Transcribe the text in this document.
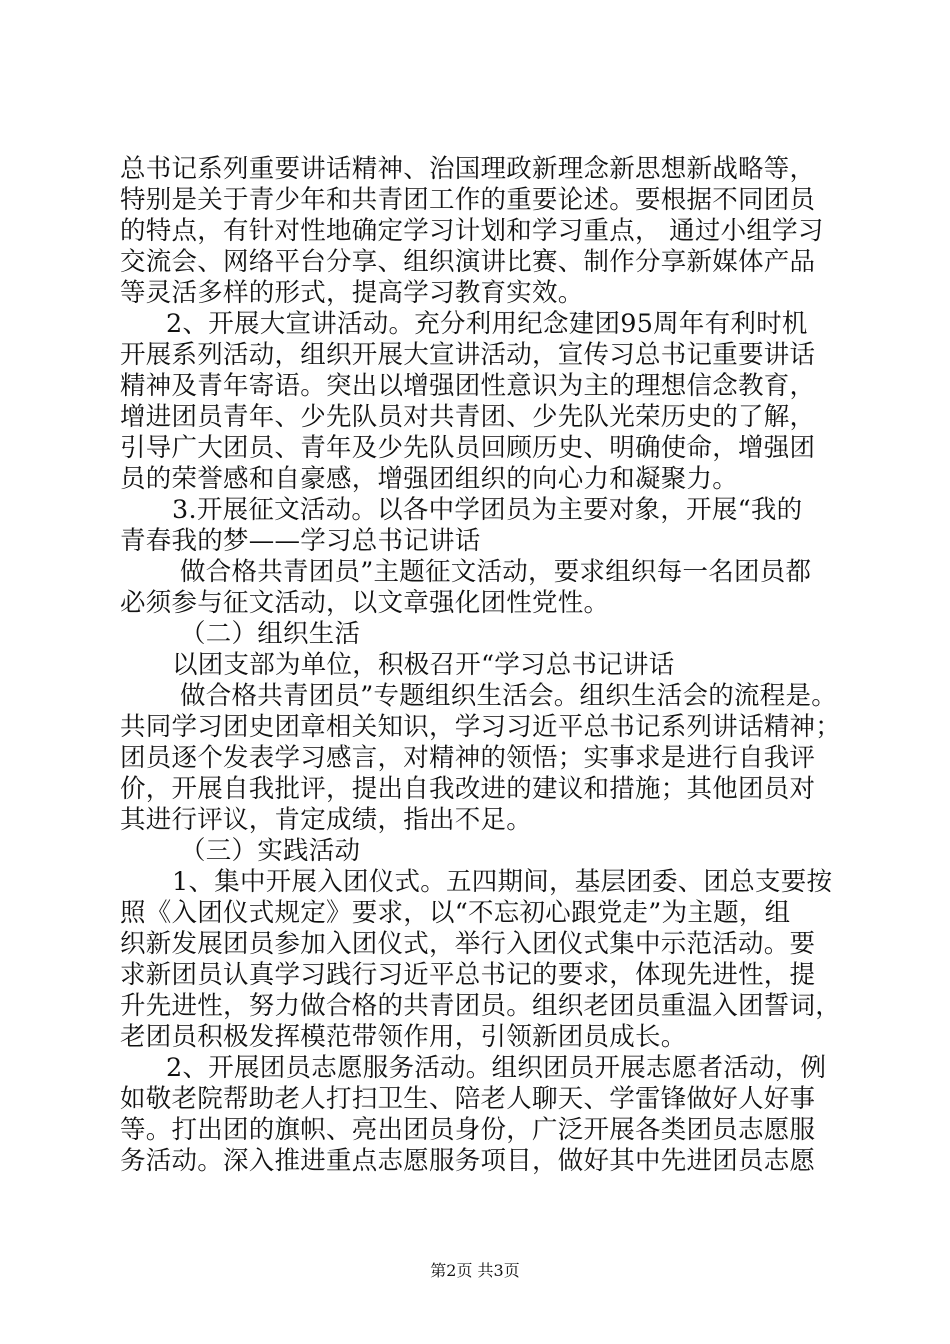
总书记系列重要讲话精神、治国理政新理念新思想新战略等，
特别是关于青少年和共青团工作的重要论述。要根据不同团员
的特点，有针对性地确定学习计划和学习重点， 通过小组学习
交流会、网络平台分享、组织演讲比赛、制作分享新媒体产品
等灵活多样的形式，提高学习教育实效。
2、开展大宣讲活动。充分利用纪念建团95周年有利时机
开展系列活动，组织开展大宣讲活动，宣传习总书记重要讲话
精神及青年寄语。突出以增强团性意识为主的理想信念教育，
增进团员青年、少先队员对共青团、少先队光荣历史的了解，
引导广大团员、青年及少先队员回顾历史、明确使命，增强团
员的荣誉感和自豪感，增强团组织的向心力和凝聚力。
3.开展征文活动。以各中学团员为主要对象，开展“我的
青春我的梦——学习总书记讲话
做合格共青团员”主题征文活动，要求组织每一名团员都
必须参与征文活动，以文章强化团性党性。
（二）组织生活
以团支部为单位，积极召开“学习总书记讲话
做合格共青团员”专题组织生活会。组织生活会的流程是。
共同学习团史团章相关知识，学习习近平总书记系列讲话精神；
团员逐个发表学习感言，对精神的领悟；实事求是进行自我评
价，开展自我批评，提出自我改进的建议和措施；其他团员对
其进行评议，肯定成绩，指出不足。
（三）实践活动
1、集中开展入团仪式。五四期间，基层团委、团总支要按
照《入团仪式规定》要求，以“不忘初心跟党走”为主题，组
织新发展团员参加入团仪式，举行入团仪式集中示范活动。要
求新团员认真学习践行习近平总书记的要求，体现先进性，提
升先进性，努力做合格的共青团员。组织老团员重温入团誓词，
老团员积极发挥模范带领作用，引领新团员成长。
2、开展团员志愿服务活动。组织团员开展志愿者活动，例
如敬老院帮助老人打扫卫生、陪老人聊天、学雷锋做好人好事
等。打出团的旗帜、亮出团员身份，广泛开展各类团员志愿服
务活动。深入推进重点志愿服务项目，做好其中先进团员志愿
第2页 共3页
